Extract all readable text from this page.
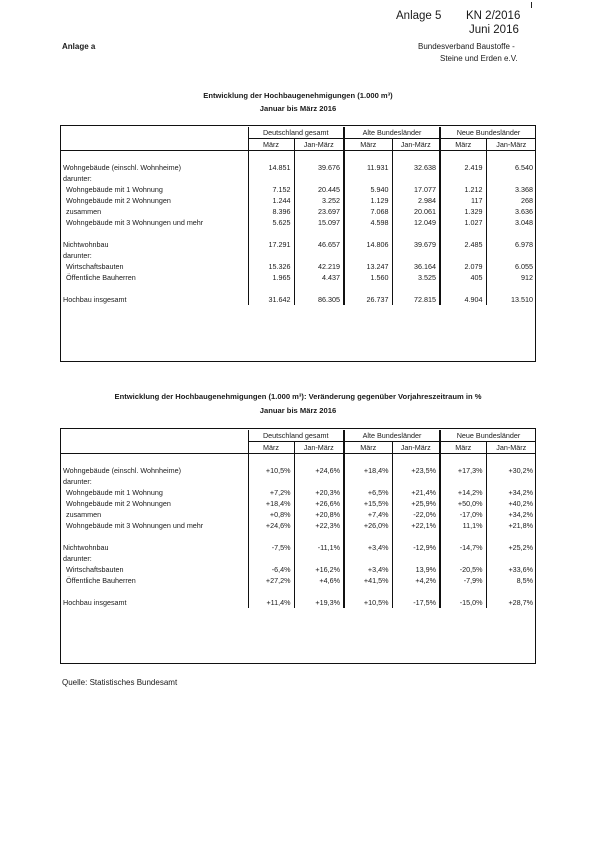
Anlage 5 KN 2/2016
Juni 2016
Anlage a	Bundesverband Baustoffe -
Steine und Erden e.V.
Entwicklung der Hochbaugenehmigungen (1.000 m³)
Januar bis März 2016
	Deutschland gesamt		Alte Bundesländer		Neue Bundesländer	
	März	Jan-März	März	Jan-März	März	Jan-März

Wohngebäude (einschl. Wohnheime)	14.851	39.676	11.931	32.638	2.419	6.540
darunter:						
Wohngebäude mit 1 Wohnung	7.152	20.445	5.940	17.077	1.212	3.368
Wohngebäude mit 2 Wohnungen	1.244	3.252	1.129	2.984	117	268
zusammen	8.396	23.697	7.068	20.061	1.329	3.636
Wohngebäude mit 3 Wohnungen und mehr	5.625	15.097	4.598	12.049	1.027	3.048

Nichtwohnbau	17.291	46.657	14.806	39.679	2.485	6.978
darunter:						
Wirtschaftsbauten	15.326	42.219	13.247	36.164	2.079	6.055
Öffentliche Bauherren	1.965	4.437	1.560	3.525	405	912

Hochbau insgesamt	31.642	86.305	26.737	72.815	4.904	13.510
Entwicklung der Hochbaugenehmigungen (1.000 m³): Veränderung gegenüber Vorjahreszeitraum in %
Januar bis März 2016
	Deutschland gesamt		Alte Bundesländer		Neue Bundesländer	
	März	Jan-März	März	Jan-März	März	Jan-März

Wohngebäude (einschl. Wohnheime)	+10,5%	+24,6%	+18,4%	+23,5%	+17,3%	+30,2%
darunter:						
Wohngebäude mit 1 Wohnung	+7,2%	+20,3%	+6,5%	+21,4%	+14,2%	+34,2%
Wohngebäude mit 2 Wohnungen	+18,4%	+26,6%	+15,5%	+25,9%	+50,0%	+40,2%
zusammen	+0,8%	+20,8%	+7,4%	-22,0%	-17,0%	+34,2%
Wohngebäude mit 3 Wohnungen und mehr	+24,6%	+22,3%	+26,0%	+22,1%	11,1%	+21,8%

Nichtwohnbau	-7,5%	-11,1%	+3,4%	-12,9%	-14,7%	+25,2%
darunter:						
Wirtschaftsbauten	-6,4%	+16,2%	+3,4%	13,9%	-20,5%	+33,6%
Öffentliche Bauherren	+27,2%	+4,6%	+41,5%	+4,2%	-7,9%	8,5%

Hochbau insgesamt	+11,4%	+19,3%	+10,5%	-17,5%	-15,0%	+28,7%
Quelle: Statistisches Bundesamt
